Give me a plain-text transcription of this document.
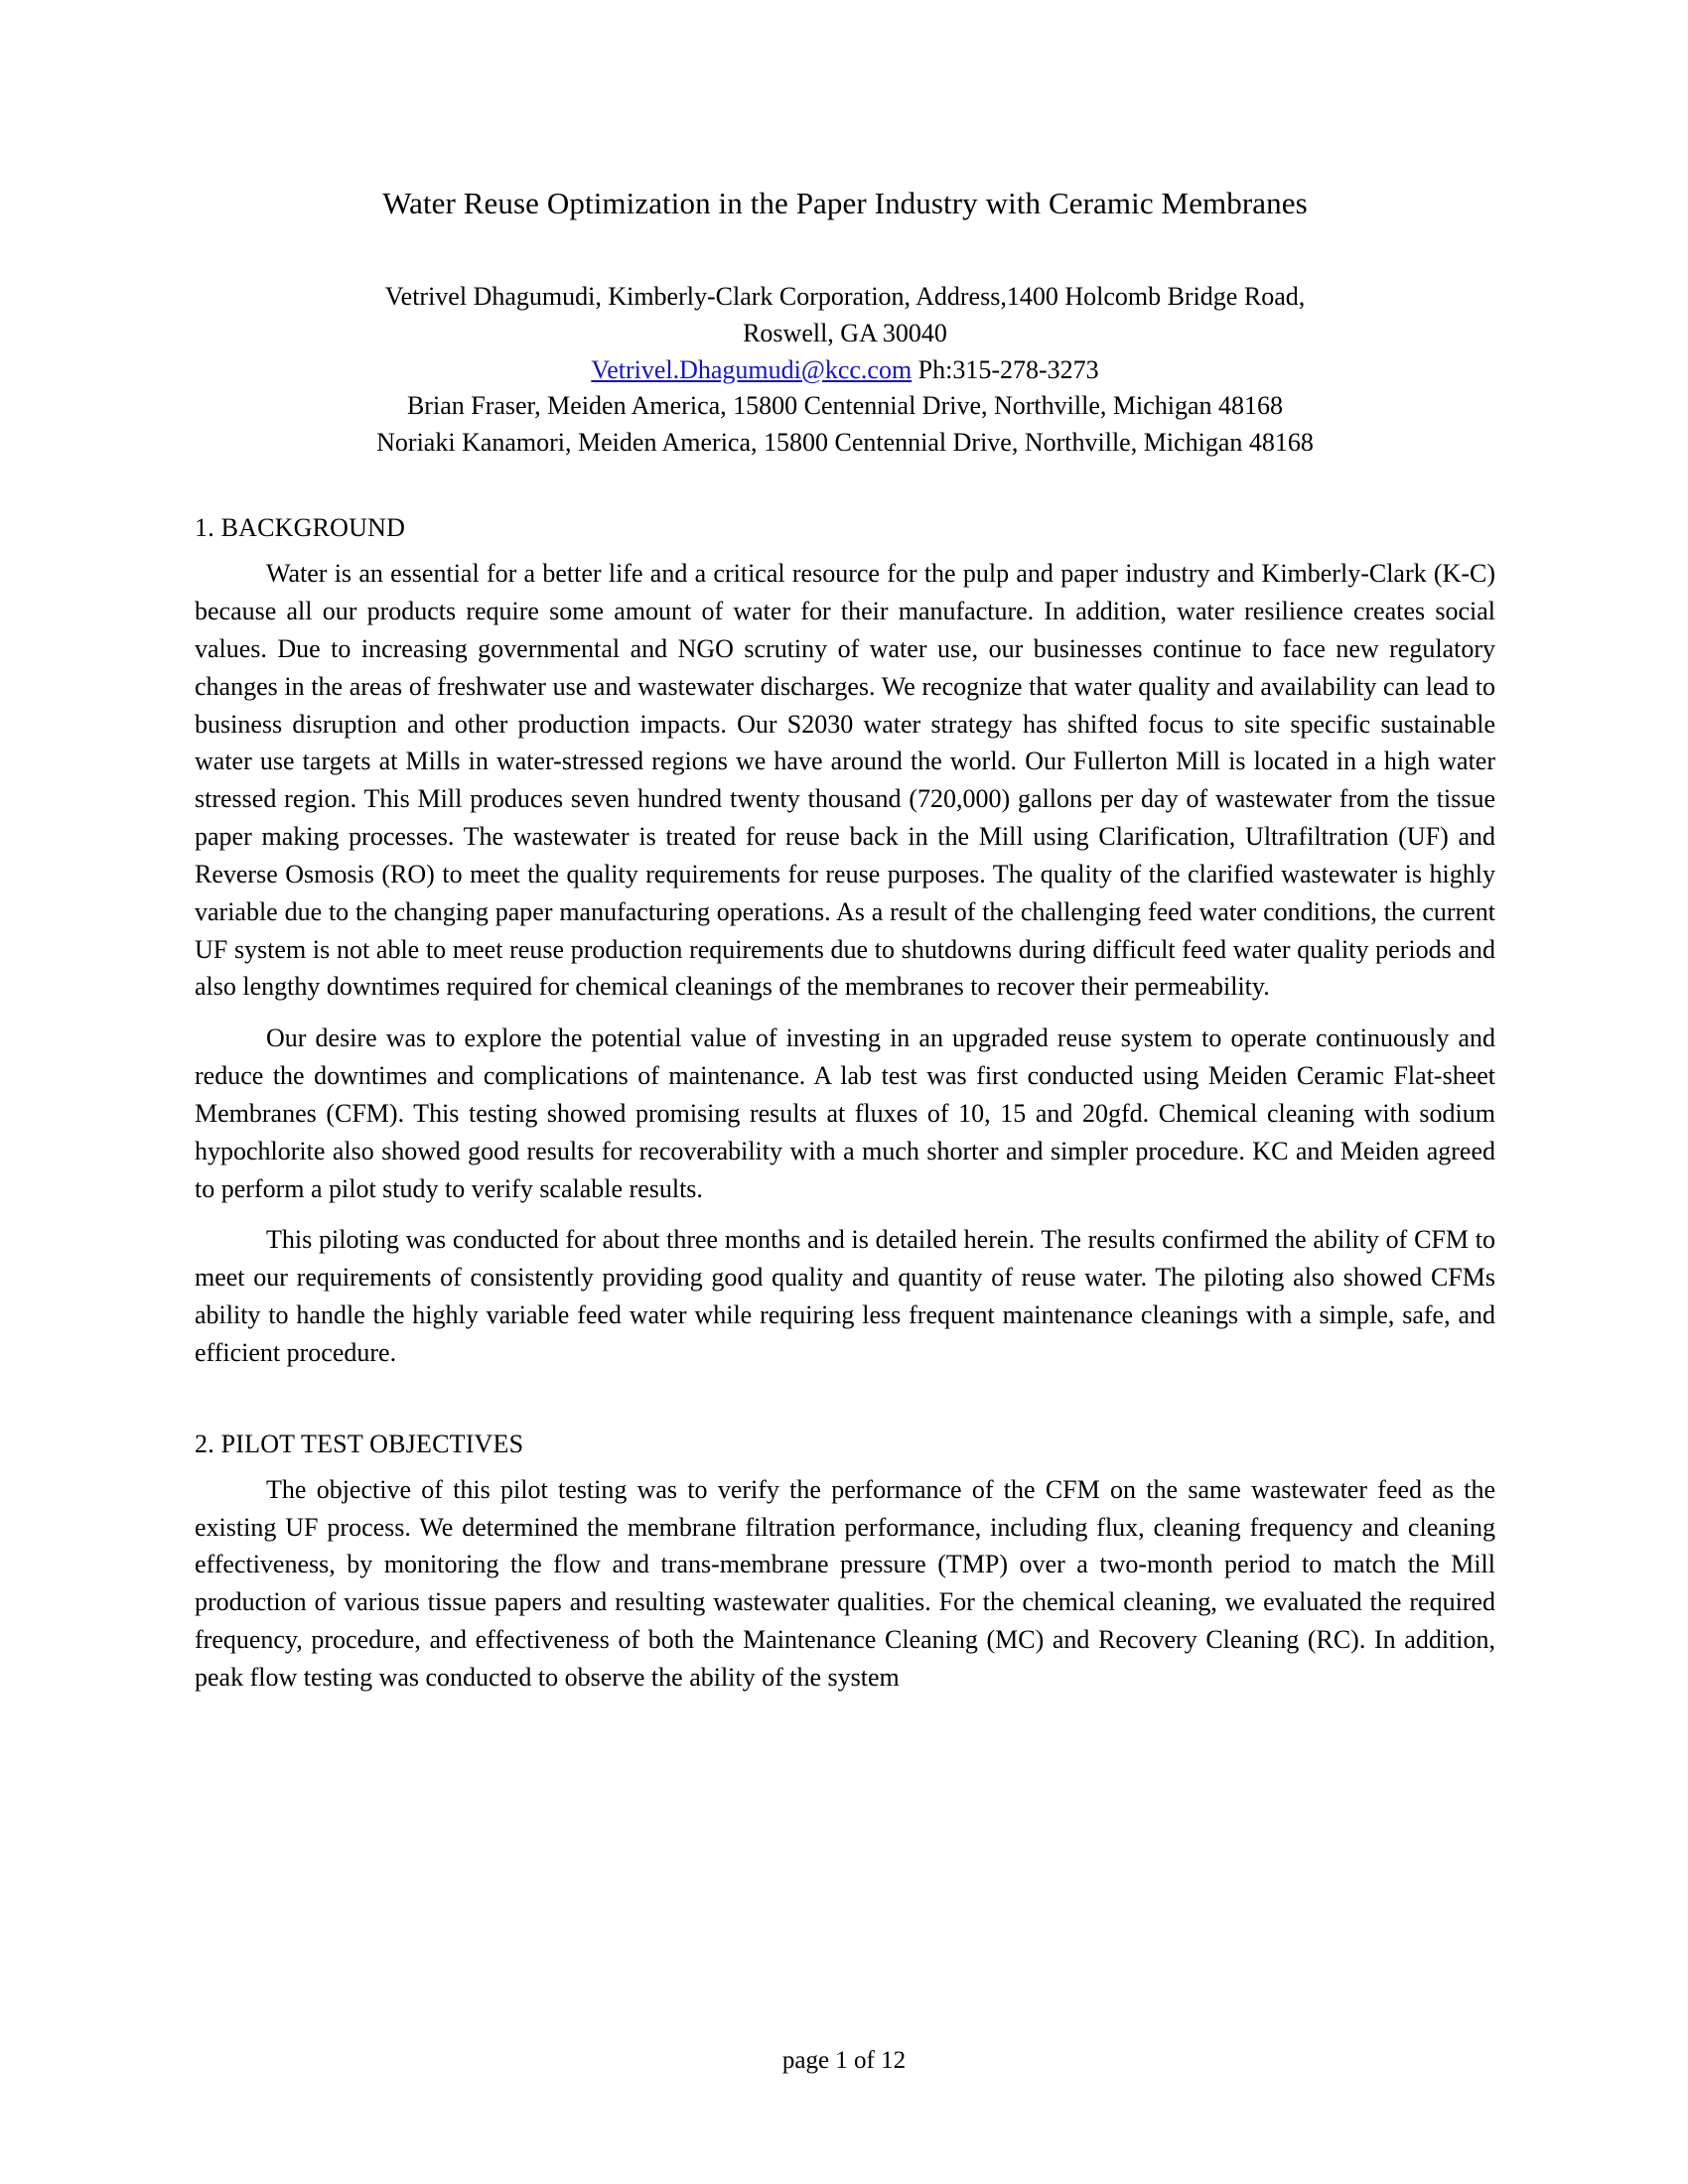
Water Reuse Optimization in the Paper Industry with Ceramic Membranes
Vetrivel Dhagumudi, Kimberly-Clark Corporation, Address,1400 Holcomb Bridge Road,
Roswell, GA 30040
Vetrivel.Dhagumudi@kcc.com Ph:315-278-3273
Brian Fraser, Meiden America, 15800 Centennial Drive, Northville, Michigan 48168
Noriaki Kanamori, Meiden America, 15800 Centennial Drive, Northville, Michigan 48168
1. BACKGROUND

Water is an essential for a better life and a critical resource for the pulp and paper industry and Kimberly-Clark (K-C) because all our products require some amount of water for their manufacture. In addition, water resilience creates social values. Due to increasing governmental and NGO scrutiny of water use, our businesses continue to face new regulatory changes in the areas of freshwater use and wastewater discharges. We recognize that water quality and availability can lead to business disruption and other production impacts. Our S2030 water strategy has shifted focus to site specific sustainable water use targets at Mills in water-stressed regions we have around the world. Our Fullerton Mill is located in a high water stressed region. This Mill produces seven hundred twenty thousand (720,000) gallons per day of wastewater from the tissue paper making processes. The wastewater is treated for reuse back in the Mill using Clarification, Ultrafiltration (UF) and Reverse Osmosis (RO) to meet the quality requirements for reuse purposes. The quality of the clarified wastewater is highly variable due to the changing paper manufacturing operations. As a result of the challenging feed water conditions, the current UF system is not able to meet reuse production requirements due to shutdowns during difficult feed water quality periods and also lengthy downtimes required for chemical cleanings of the membranes to recover their permeability.

Our desire was to explore the potential value of investing in an upgraded reuse system to operate continuously and reduce the downtimes and complications of maintenance. A lab test was first conducted using Meiden Ceramic Flat-sheet Membranes (CFM). This testing showed promising results at fluxes of 10, 15 and 20gfd. Chemical cleaning with sodium hypochlorite also showed good results for recoverability with a much shorter and simpler procedure. KC and Meiden agreed to perform a pilot study to verify scalable results.

This piloting was conducted for about three months and is detailed herein. The results confirmed the ability of CFM to meet our requirements of consistently providing good quality and quantity of reuse water. The piloting also showed CFMs ability to handle the highly variable feed water while requiring less frequent maintenance cleanings with a simple, safe, and efficient procedure.

2. PILOT TEST OBJECTIVES

The objective of this pilot testing was to verify the performance of the CFM on the same wastewater feed as the existing UF process. We determined the membrane filtration performance, including flux, cleaning frequency and cleaning effectiveness, by monitoring the flow and trans-membrane pressure (TMP) over a two-month period to match the Mill production of various tissue papers and resulting wastewater qualities. For the chemical cleaning, we evaluated the required frequency, procedure, and effectiveness of both the Maintenance Cleaning (MC) and Recovery Cleaning (RC). In addition, peak flow testing was conducted to observe the ability of the system

page 1 of 12
